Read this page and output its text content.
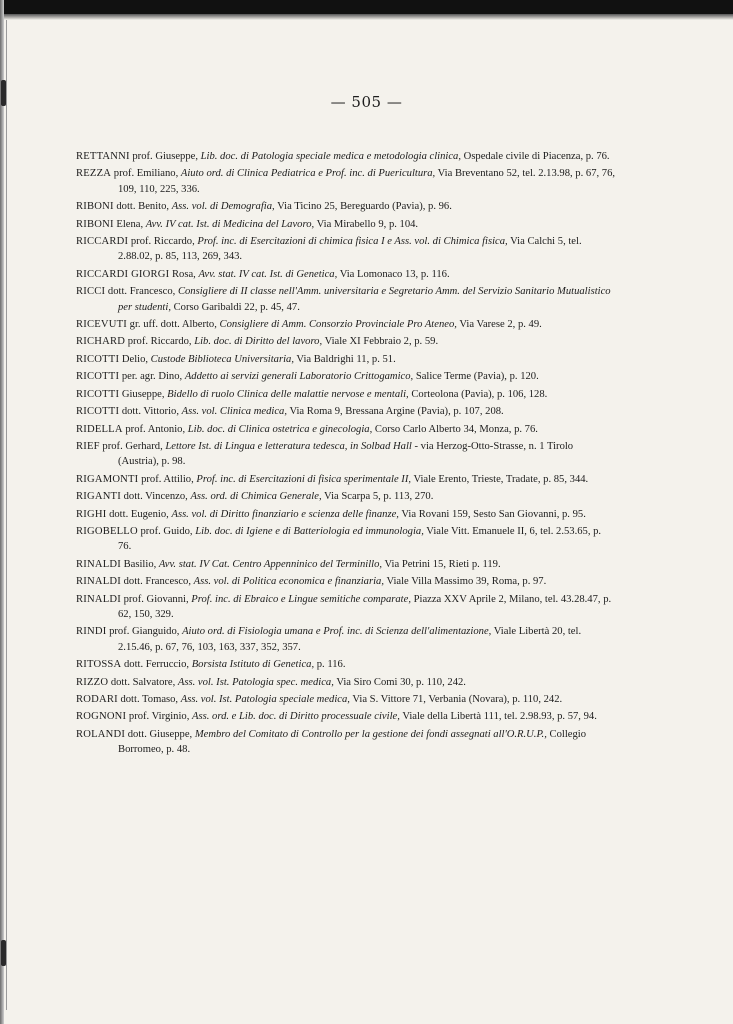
— 505 —

RETTANNI prof. Giuseppe, Lib. doc. di Patologia speciale medica e metodologia clinica, Ospedale civile di Piacenza, p. 76.

REZZA prof. Emiliano, Aiuto ord. di Clinica Pediatrica e Prof. inc. di Puericultura, Via Breventano 52, tel. 2.13.98, p. 67, 76, 109, 110, 225, 336.

RIBONI dott. Benito, Ass. vol. di Demografia, Via Ticino 25, Bereguardo (Pavia), p. 96.

RIBONI Elena, Avv. IV cat. Ist. di Medicina del Lavoro, Via Mirabello 9, p. 104.

RICCARDI prof. Riccardo, Prof. inc. di Esercitazioni di chimica fisica I e Ass. vol. di Chimica fisica, Via Calchi 5, tel. 2.88.02, p. 85, 113, 269, 343.

RICCARDI GIORGI Rosa, Avv. stat. IV cat. Ist. di Genetica, Via Lomonaco 13, p. 116.

RICCI dott. Francesco, Consigliere di II classe nell'Amm. universitaria e Segretario Amm. del Servizio Sanitario Mutualistico per studenti, Corso Garibaldi 22, p. 45, 47.

RICEVUTI gr. uff. dott. Alberto, Consigliere di Amm. Consorzio Provinciale Pro Ateneo, Via Varese 2, p. 49.

RICHARD prof. Riccardo, Lib. doc. di Diritto del lavoro, Viale XI Febbraio 2, p. 59.

RICOTTI Delio, Custode Biblioteca Universitaria, Via Baldrighi 11, p. 51.

RICOTTI per. agr. Dino, Addetto ai servizi generali Laboratorio Crittogamico, Salice Terme (Pavia), p. 120.

RICOTTI Giuseppe, Bidello di ruolo Clinica delle malattie nervose e mentali, Corteolona (Pavia), p. 106, 128.

RICOTTI dott. Vittorio, Ass. vol. Clinica medica, Via Roma 9, Bressana Argine (Pavia), p. 107, 208.

RIDELLA prof. Antonio, Lib. doc. di Clinica ostetrica e ginecologia, Corso Carlo Alberto 34, Monza, p. 76.

RIEF prof. Gerhard, Lettore Ist. di Lingua e letteratura tedesca, in Solbad Hall - via Herzog-Otto-Strasse, n. 1 Tirolo (Austria), p. 98.

RIGAMONTI prof. Attilio, Prof. inc. di Esercitazioni di fisica sperimentale II, Viale Erento, Trieste, Tradate, p. 85, 344.

RIGANTI dott. Vincenzo, Ass. ord. di Chimica Generale, Via Scarpa 5, p. 113, 270.

RIGHI dott. Eugenio, Ass. vol. di Diritto finanziario e scienza delle finanze, Via Rovani 159, Sesto San Giovanni, p. 95.

RIGOBELLO prof. Guido, Lib. doc. di Igiene e di Batteriologia ed immunologia, Viale Vitt. Emanuele II, 6, tel. 2.53.65, p. 76.

RINALDI Basilio, Avv. stat. IV Cat. Centro Appenninico del Terminillo, Via Petrini 15, Rieti p. 119.

RINALDI dott. Francesco, Ass. vol. di Politica economica e finanziaria, Viale Villa Massimo 39, Roma, p. 97.

RINALDI prof. Giovanni, Prof. inc. di Ebraico e Lingue semitiche comparate, Piazza XXV Aprile 2, Milano, tel. 43.28.47, p. 62, 150, 329.

RINDI prof. Gianguido, Aiuto ord. di Fisiologia umana e Prof. inc. di Scienza dell'alimentazione, Viale Libertà 20, tel. 2.15.46, p. 67, 76, 103, 163, 337, 352, 357.

RITOSSA dott. Ferruccio, Borsista Istituto di Genetica, p. 116.

RIZZO dott. Salvatore, Ass. vol. Ist. Patologia spec. medica, Via Siro Comi 30, p. 110, 242.

RODARI dott. Tomaso, Ass. vol. Ist. Patologia speciale medica, Via S. Vittore 71, Verbania (Novara), p. 110, 242.

ROGNONI prof. Virginio, Ass. ord. e Lib. doc. di Diritto processuale civile, Viale della Libertà 111, tel. 2.98.93, p. 57, 94.

ROLANDI dott. Giuseppe, Membro del Comitato di Controllo per la gestione dei fondi assegnati all'O.R.U.P., Collegio Borromeo, p. 48.
